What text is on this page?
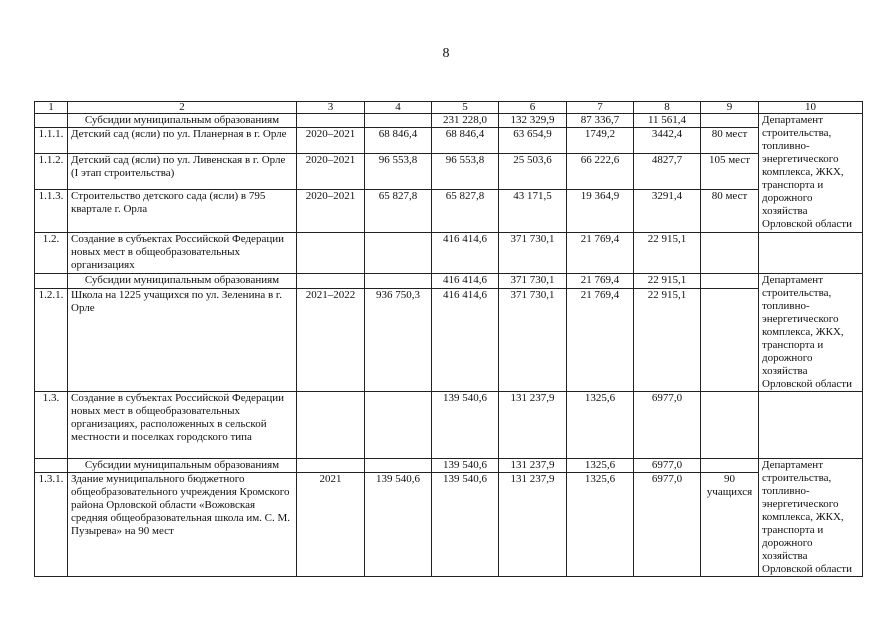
8
1	2	3	4	5	6	7	8	9	10
	Субсидии муниципальным образованиям			231 228,0	132 329,9	87 336,7	11 561,4		Департамент строительства, топливно-энергетического комплекса, ЖКХ, транспорта и дорожного хозяйства Орловской области
1.1.1.	Детский сад (ясли) по ул. Планерная в г. Орле	2020–2021	68 846,4	68 846,4	63 654,9	1749,2	3442,4	80 мест	
1.1.2.	Детский сад (ясли) по ул. Ливенская в г. Орле (I этап строительства)	2020–2021	96 553,8	96 553,8	25 503,6	66 222,6	4827,7	105 мест	
1.1.3.	Строительство детского сада (ясли) в 795 квартале г. Орла	2020–2021	65 827,8	65 827,8	43 171,5	19 364,9	3291,4	80 мест	
1.2.	Создание в субъектах Российской Федерации новых мест в общеобразовательных организациях			416 414,6	371 730,1	21 769,4	22 915,1		
	Субсидии муниципальным образованиям			416 414,6	371 730,1	21 769,4	22 915,1		Департамент строительства, топливно-энергетического комплекса, ЖКХ, транспорта и дорожного хозяйства Орловской области
1.2.1.	Школа на 1225 учащихся по ул. Зеленина в г. Орле	2021–2022	936 750,3	416 414,6	371 730,1	21 769,4	22 915,1		
1.3.	Создание в субъектах Российской Федерации новых мест в общеобразовательных организациях, расположенных в сельской местности и поселках городского типа			139 540,6	131 237,9	1325,6	6977,0		
	Субсидии муниципальным образованиям			139 540,6	131 237,9	1325,6	6977,0		Департамент строительства, топливно-энергетического комплекса, ЖКХ, транспорта и дорожного хозяйства Орловской области
1.3.1.	Здание муниципального бюджетного общеобразовательного учреждения Кромского района Орловской области «Вожовская средняя общеобразовательная школа им. С. М. Пузырева» на 90 мест	2021	139 540,6	139 540,6	131 237,9	1325,6	6977,0	90 учащихся	
